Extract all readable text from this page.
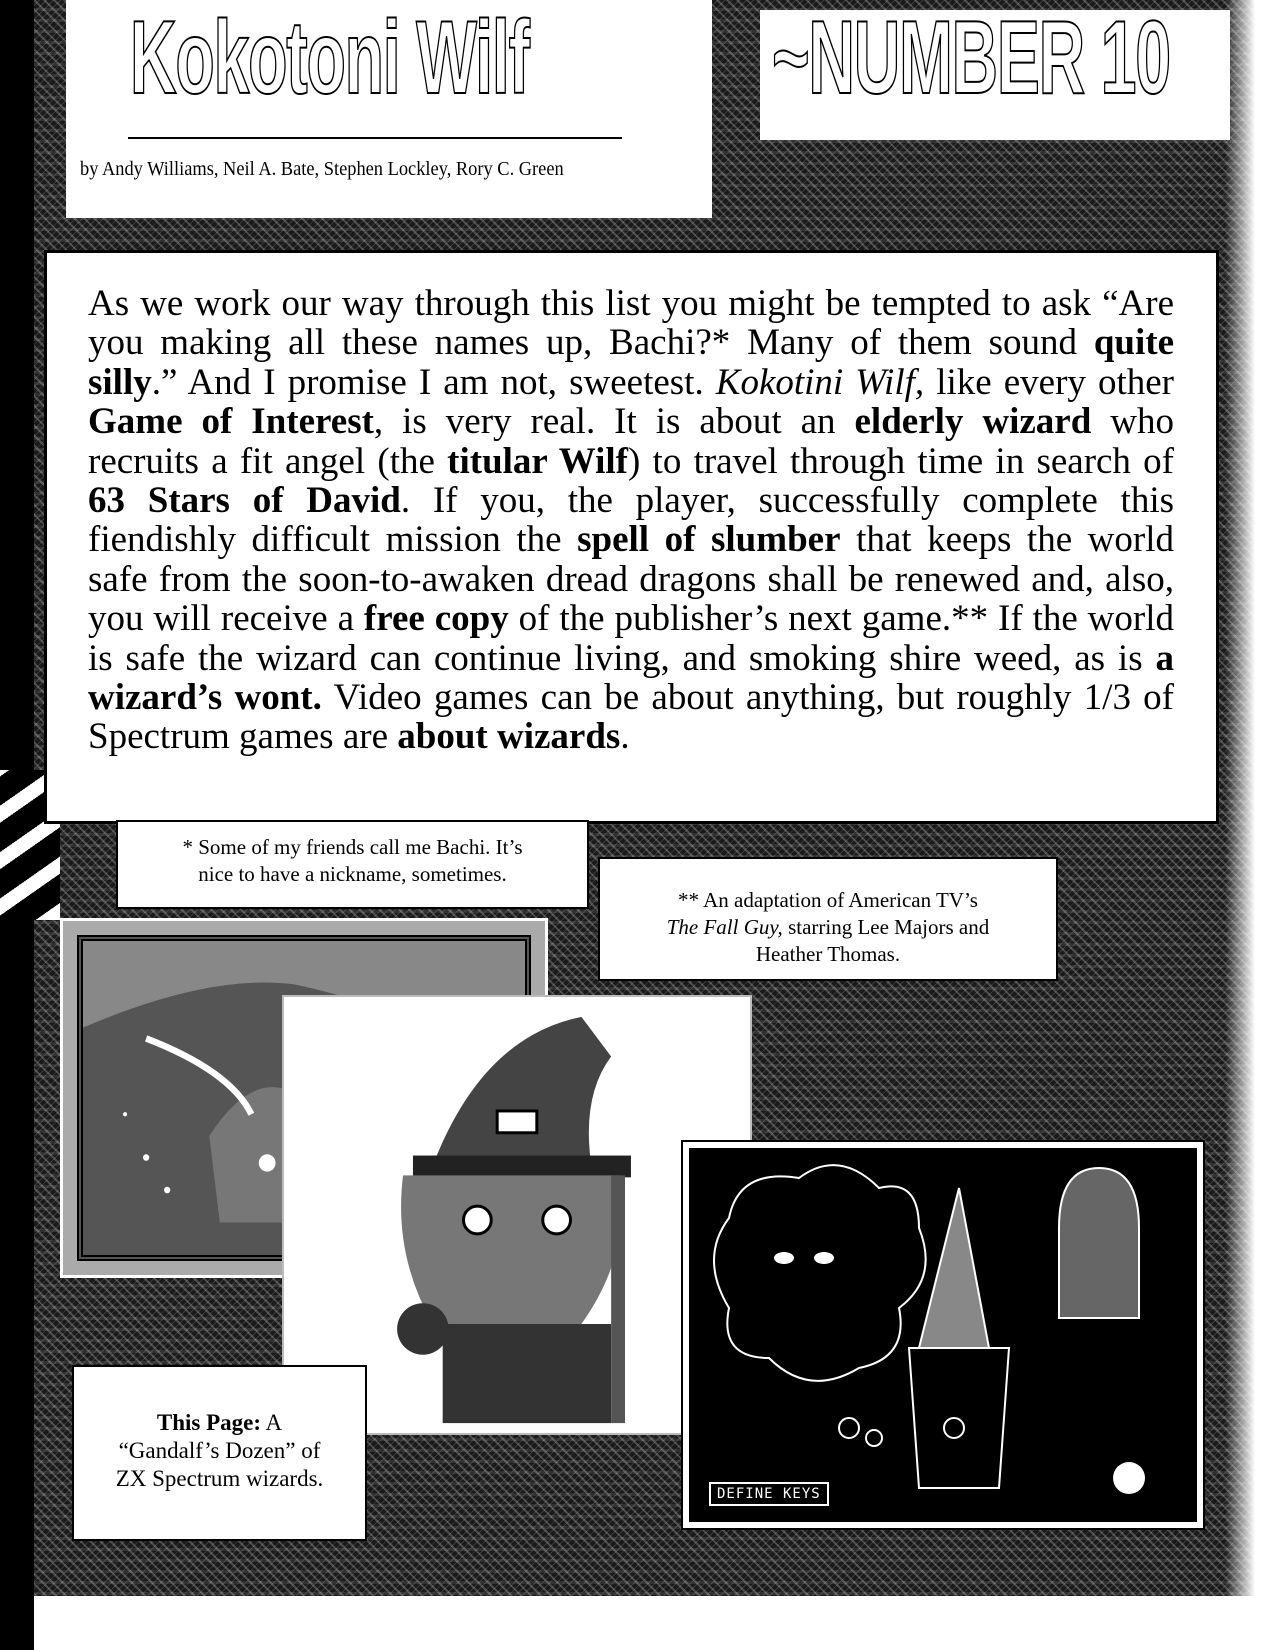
Kokotoni Wilf
by Andy Williams, Neil A. Bate, Stephen Lockley, Rory C. Green
~NUMBER 10

As we work our way through this list you might be tempted to ask “Are you making all these names up, Bachi?* Many of them sound quite silly.” And I promise I am not, sweetest. Kokotini Wilf, like every other Game of Interest, is very real. It is about an elderly wizard who recruits a fit angel (the titular Wilf) to travel through time in search of 63 Stars of David. If you, the player, successfully complete this fiendishly difficult mission the spell of slumber that keeps the world safe from the soon-to-awaken dread dragons shall be renewed and, also, you will receive a free copy of the publisher’s next game.** If the world is safe the wizard can continue living, and smoking shire weed, as is a wizard’s wont. Video games can be about anything, but roughly 1/3 of Spectrum games are about wizards.

* Some of my friends call me Bachi. It’s
nice to have a nickname, sometimes.
** An adaptation of American TV’s
The Fall Guy, starring Lee Majors and
Heather Thomas.
DEFINE KEYS
This Page: A
“Gandalf’s Dozen” of
ZX Spectrum wizards.
